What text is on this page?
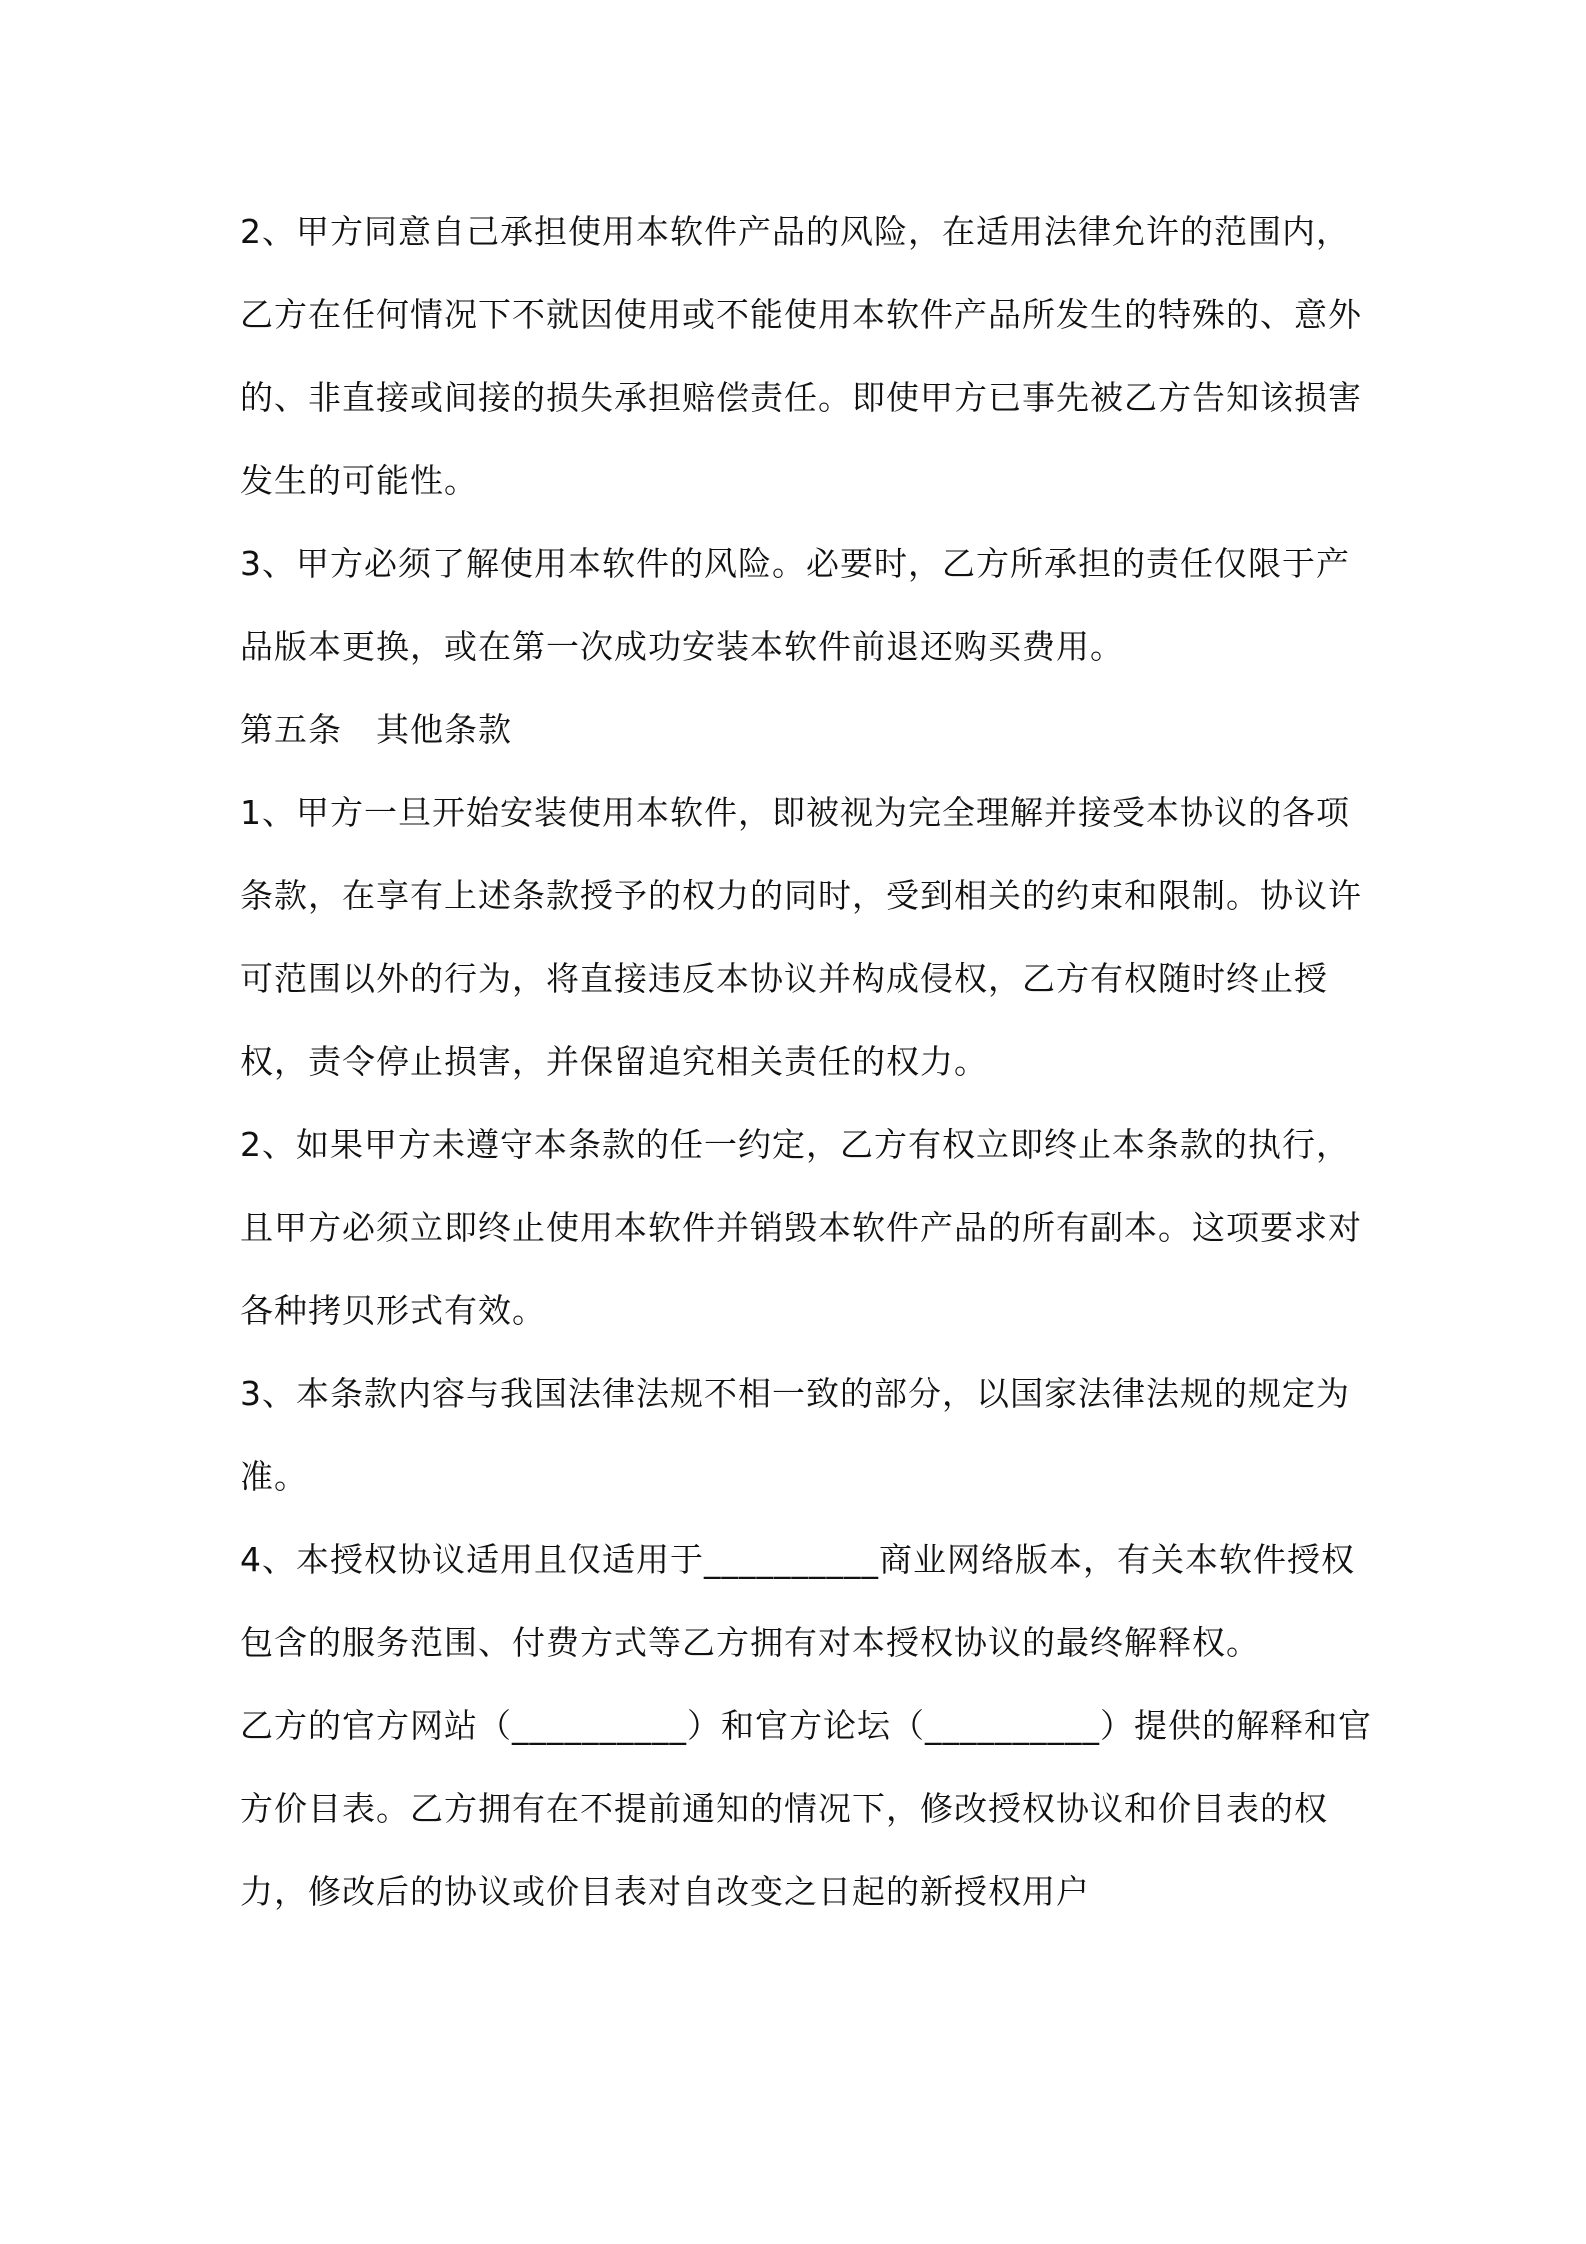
2、甲方同意自己承担使用本软件产品的风险，在适用法律允许的范围内，乙方在任何情况下不就因使用或不能使用本软件产品所发生的特殊的、意外的、非直接或间接的损失承担赔偿责任。即使甲方已事先被乙方告知该损害发生的可能性。

3、甲方必须了解使用本软件的风险。必要时，乙方所承担的责任仅限于产品版本更换，或在第一次成功安装本软件前退还购买费用。

第五条　其他条款

1、甲方一旦开始安装使用本软件，即被视为完全理解并接受本协议的各项条款，在享有上述条款授予的权力的同时，受到相关的约束和限制。协议许可范围以外的行为，将直接违反本协议并构成侵权，乙方有权随时终止授权，责令停止损害，并保留追究相关责任的权力。

2、如果甲方未遵守本条款的任一约定，乙方有权立即终止本条款的执行，且甲方必须立即终止使用本软件并销毁本软件产品的所有副本。这项要求对各种拷贝形式有效。

3、本条款内容与我国法律法规不相一致的部分，以国家法律法规的规定为准。

4、本授权协议适用且仅适用于__________商业网络版本，有关本软件授权包含的服务范围、付费方式等乙方拥有对本授权协议的最终解释权。

乙方的官方网站（__________）和官方论坛（__________）提供的解释和官方价目表。乙方拥有在不提前通知的情况下，修改授权协议和价目表的权力，修改后的协议或价目表对自改变之日起的新授权用户
